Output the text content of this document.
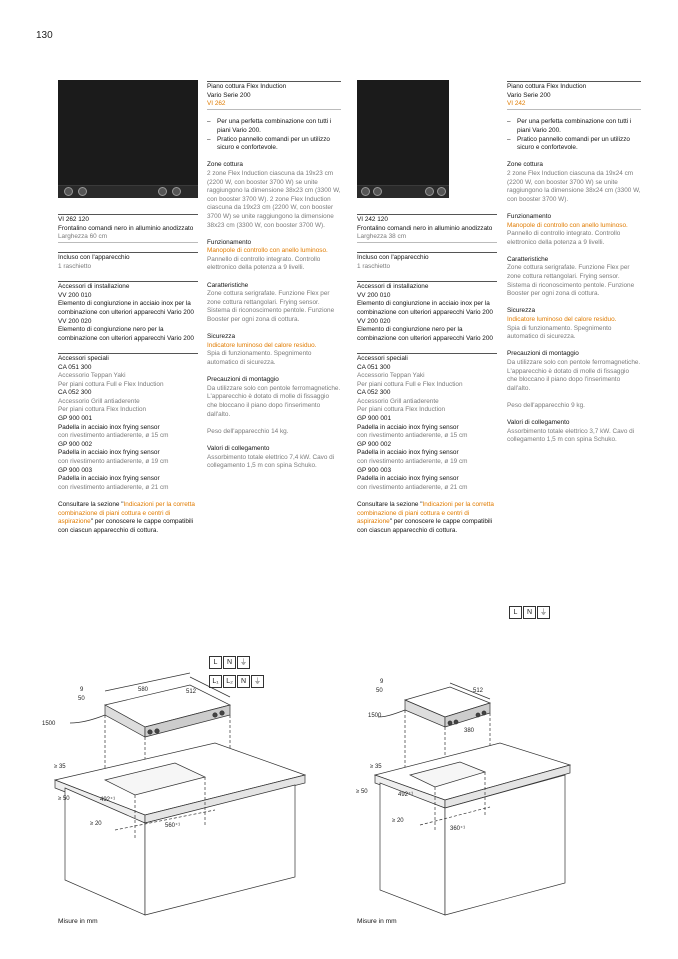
130

VI 262 120

Frontalino comandi nero in alluminio anodizzato

Larghezza 60 cm

Incluso con l'apparecchio

1 raschietto

Accessori di installazione

VV 200 010

Elemento di congiunzione in acciaio inox per la combinazione con ulteriori apparecchi Vario 200

VV 200 020

Elemento di congiunzione nero per la combinazione con ulteriori apparecchi Vario 200

Accessori speciali

CA 051 300

Accessorio Teppan Yaki

Per piani cottura Full e Flex Induction

CA 052 300

Accessorio Grill antiaderente

Per piani cottura Flex Induction

GP 900 001

Padella in acciaio inox frying sensor

con rivestimento antiaderente, ø 15 cm

GP 900 002

Padella in acciaio inox frying sensor

con rivestimento antiaderente, ø 19 cm

GP 900 003

Padella in acciaio inox frying sensor

con rivestimento antiaderente, ø 21 cm

Consultare la sezione "Indicazioni per la corretta combinazione di piani cottura e centri di aspirazione" per conoscere le cappe compatibili con ciascun apparecchio di cottura.

Piano cottura Flex Induction

Vario Serie 200

VI 262

– Per una perfetta combinazione con tutti i piani Vario 200.
– Pratico pannello comandi per un utilizzo sicuro e confortevole.

Zone cottura

2 zone Flex Induction ciascuna da 19x23 cm (2200 W, con booster 3700 W) se unite raggiungono la dimensione 38x23 cm (3300 W, con booster 3700 W). 2 zone Flex Induction ciascuna da 19x23 cm (2200 W, con booster 3700 W) se unite raggiungono la dimensione 38x23 cm (3300 W, con booster 3700 W).

Funzionamento

Manopole di controllo con anello luminoso.

Pannello di controllo integrato. Controllo elettronico della potenza a 9 livelli.

Caratteristiche

Zone cottura serigrafate. Funzione Flex per zone cottura rettangolari. Frying sensor. Sistema di riconoscimento pentole. Funzione Booster per ogni zona di cottura.

Sicurezza

Indicatore luminoso del calore residuo.

Spia di funzionamento. Spegnimento automatico di sicurezza.

Precauzioni di montaggio

Da utilizzare solo con pentole ferromagnetiche. L'apparecchio è dotato di molle di fissaggio che bloccano il piano dopo l'inserimento dall'alto.

Peso dell'apparecchio 14 kg.

Valori di collegamento

Assorbimento totale elettrico 7,4 kW. Cavo di collegamento 1,5 m con spina Schuko.

L	N	⏚
L₁	L₂	N	⏚

VI 242 120

Frontalino comandi nero in alluminio anodizzato

Larghezza 38 cm

Incluso con l'apparecchio

1 raschietto

Accessori di installazione

VV 200 010

Elemento di congiunzione in acciaio inox per la combinazione con ulteriori apparecchi Vario 200

VV 200 020

Elemento di congiunzione nero per la combinazione con ulteriori apparecchi Vario 200

Accessori speciali

CA 051 300

Accessorio Teppan Yaki

Per piani cottura Full e Flex Induction

CA 052 300

Accessorio Grill antiaderente

Per piani cottura Flex Induction

GP 900 001

Padella in acciaio inox frying sensor

con rivestimento antiaderente, ø 15 cm

GP 900 002

Padella in acciaio inox frying sensor

con rivestimento antiaderente, ø 19 cm

GP 900 003

Padella in acciaio inox frying sensor

con rivestimento antiaderente, ø 21 cm

Consultare la sezione "Indicazioni per la corretta combinazione di piani cottura e centri di aspirazione" per conoscere le cappe compatibili con ciascun apparecchio di cottura.

Piano cottura Flex Induction

Vario Serie 200

VI 242

– Per una perfetta combinazione con tutti i piani Vario 200.
– Pratico pannello comandi per un utilizzo sicuro e confortevole.

Zone cottura

2 zone Flex Induction ciascuna da 19x24 cm (2200 W, con booster 3700 W) se unite raggiungono la dimensione 38x24 cm (3300 W, con booster 3700 W).

Funzionamento

Manopole di controllo con anello luminoso.

Pannello di controllo integrato. Controllo elettronico della potenza a 9 livelli.

Caratteristiche

Zone cottura serigrafate. Funzione Flex per zone cottura rettangolari. Frying sensor. Sistema di riconoscimento pentole. Funzione Booster per ogni zona di cottura.

Sicurezza

Indicatore luminoso del calore residuo.

Spia di funzionamento. Spegnimento automatico di sicurezza.

Precauzioni di montaggio

Da utilizzare solo con pentole ferromagnetiche. L'apparecchio è dotato di molle di fissaggio che bloccano il piano dopo l'inserimento dall'alto.

Peso dell'apparecchio 9 kg.

Valori di collegamento

Assorbimento totale elettrico 3,7 kW. Cavo di collegamento 1,5 m con spina Schuko.

L	N	⏚
9
50
580	512
1500
≥ 35
492⁺¹
≥ 50
≥ 20	560⁺¹
9
50	512
1500
380
≥ 35
492⁺¹
≥ 50
≥ 20
360⁺¹
Misure in mm	Misure in mm
